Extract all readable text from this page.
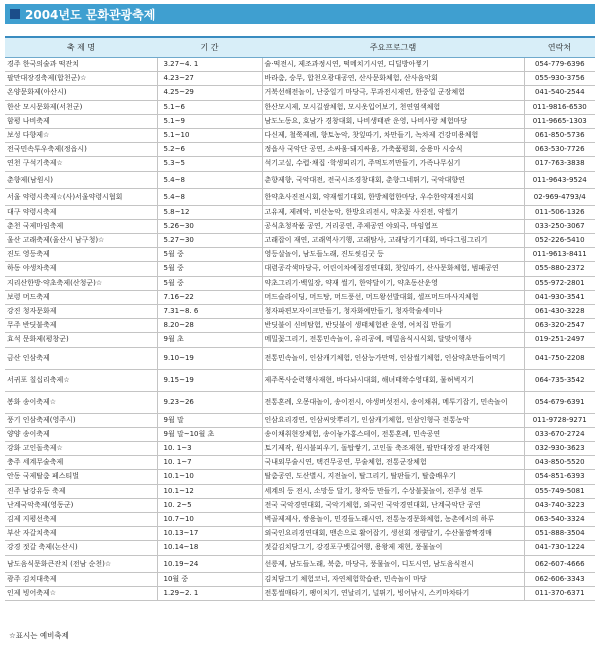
2004년도 문화관광축제
축 제 명	기 간	주요프로그램	연락처
경주 한국의술과 떡잔치	3.27~4. 1	술·떡전시, 제조과정시연, 떡메치기시연, 디딜방아찧기	054-779-6396
팔만대장경축제(합천군)☆	4.23~27	바라춤, 승무, 합천오광대공연, 산사문화체험, 산사음악회	055-930-3756
온양문화제(아산시)	4.25~29	거북선해전놀이, 난중일기 마당극, 무과전시재연, 한중일 군장체험	041-540-2544
한산 모시문화제(서천군)	5.1~6	한산모시제, 모시길쌈체험, 모시옷입어보기, 천연염색체험	011-9816-6530
함평 나비축제	5.1~9	남도노동요, 호남가 경창대회, 나비생태관 운영, 나비사랑 체험마당	011-9665-1303
보성 다향제☆	5.1~10	다신제, 철쭉제례, 향토농악, 찻잎따기, 차만들기, 녹차제 건강미용체험	061-850-5736
전국민속투우축제(정읍시)	5.2~6	정읍사 국악단 공연, 소싸움·돼지싸움, 가축품평회, 승용마 시승식	063-530-7726
연천 구석기축제☆	5.3~5	석기고실, 수렵·채집 ·학생피리기, 주먹도끼만들기, 가족나무심기	017-763-3838
춘향제(남원시)	5.4~8	춘향제향, 국악대전, 전국시조경창대회, 춘향그네뛰기, 국악대향연	011-9643-9524
서울 약령시축제☆(사)서울약령시협회	5.4~8	한약초사진전시회, 약재썰기대회, 한방체험한마당, 우수한약재전시회	02-969-4793/4
대구 약령시축제	5.8~12	고유제, 제례악, 비산농악, 한방요리전시, 약초꽃 사진전, 약썰기	011-506-1326
춘천 국제마임축제	5.26~30	공식초청작품 공연, 거리공연, 주제공연 야외극, 마임엽프	033-250-3067
울산 고래축제(울산시 남구청)☆	5.27~30	고래잡이 재연, 고래역사기행, 고래탐사, 고래당기기대회, 바다그림그리기	052-226-5410
진도 영등축제	5월 중	영등살놀이, 남도들노래, 진도씻김굿 등	011-9613-8411
하동 야생차축제	5월 중	대렴공각색마당극, 어린이차예절경연대회, 찻잎따기, 산사문화체험, 범패공연	055-880-2372
지리산한방·약초축제(산청군)☆	5월 중	약초그리기·백일장, 약재 썰기, 한약달이기, 약초동산운영	055-972-2801
보령 머드축제	7.16~22	머드슬라이딩, 머드탕, 머드풍선, 머드왕선발대회, 셀프머드마사지체험	041-930-3541
강진 청자문화제	7.31~8. 6	청자파편모자이크만들기, 청자화예만들기, 청자학술세미나	061-430-3228
무주 반딧불축제	8.20~28	반딧불이 신비탐험, 반딧불이 생태체험관 운영, 여치집 만들기	063-320-2547
효석 문화제(평창군)	9월 초	메밀꽃그리기, 전통민속놀이, 유리공예, 메밀음식시식회, 달맞이행사	019-251-2497
금산 인삼축제	9.10~19	전통민속놀이, 인삼캐기체험, 인삼능가만먹, 인삼썰기체험, 인삼약초만들어먹기	041-750-2208
서귀포 칠십리축제☆	9.15~19	제주목사순력행사재현, 바다놔시대회, 해녀태왁수영대회, 물허벅지기	064-735-3542
봉화 송이축제☆	9.23~26	전통혼례, 오몽대놀이, 송이전시, 야생버섯전시, 송이채취, 메투기잡기, 민속놀이	054-679-6391
풍기 인삼축제(영주시)	9월 말	인삼요리경연, 인삼씨앗뿌리기, 인삼캐기체험, 인삼인형극 전통농악	011-9728-9271
양양 송이축제	9월 말~10월 초	송이채취현장체험, 송이놓가홍스테이, 전통혼례, 민속공연	033-670-2724
강화 고인돌축제☆	10. 1~3	토기제작, 원시불피우기, 돌탑쌓기, 고인돌 축조재현, 팔만대장경 판각재현	032-930-3623
충주 세계무술축제	10. 1~7	국내외무술시연, 택견무공연, 무술체험, 전통군장체험	043-850-5520
안동 국제탈춤 페스티벌	10.1~10	탈춤공연, 도산별시, 지전놀이, 탈그리기, 탈판들기, 탈춤배우기	054-851-6393
진주 남강유등 축제	10.1~12	세계의 등 전시, 소망등 달기, 창작등 만들기, 수상불꽃놀이, 진주성 전투	055-749-5081
난계국악축제(영동군)	10. 2~5	전국 국악경연대회, 국악기체험, 외국인 국악경연대회, 난계국악단 공연	043-740-3223
김제 지평선축제	10.7~10	벽골제제사, 쌍용놀이, 민경들노래시연, 전통농경문화체험, 농촌에서의 하루	063-540-3324
부산 자갈치축제	10.13~17	외국인요리경연대회, 맨손으로 활어잡기, 생선회 정량달기, 수산물깜짝경매	051-888-3504
강경 젓갈 축제(논산시)	10.14~18	젓갈김치담그기, 강경포구뱃길여행, 용왕제 재현, 풍물놀이	041-730-1224
남도음식문화큰잔치 (전남 순천)☆	10.19~24	선릉제, 남도들노래, 북춤, 마당극, 풍물놀이, 디도시연, 남도음식전시	062-607-4666
광주 김치대축제	10월 중	김치담그기 체험코너, 자연체험학습관, 민속놀이 마당	062-606-3343
인제 빙어축제☆	1.29~2. 1	전통썰매타기, 팽이치기, 연날리기, 널뛰기, 빙어낚시, 스키마차타기	011-370-6371
☆표시는 예비축제
